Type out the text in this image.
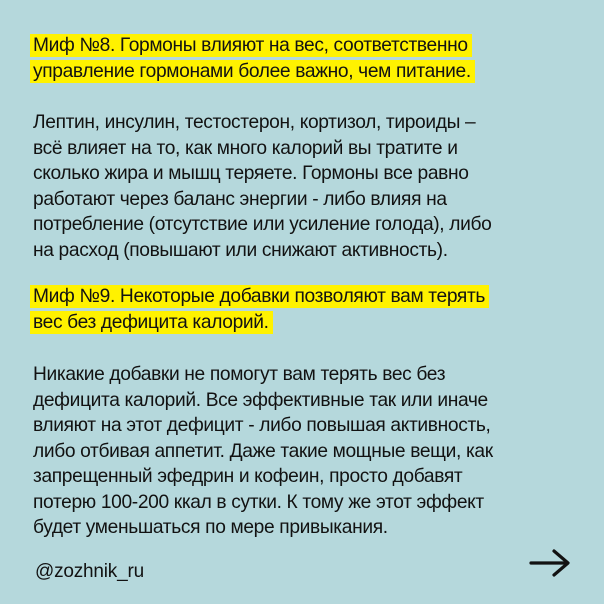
Миф №8. Гормоны влияют на вес, соответственно
управление гормонами более важно, чем питание.
Лептин, инсулин, тестостерон, кортизол, тироиды –
всё влияет на то, как много калорий вы тратите и
сколько жира и мышц теряете. Гормоны все равно
работают через баланс энергии - либо влияя на
потребление (отсутствие или усиление голода), либо
на расход (повышают или снижают активность).
Миф №9. Некоторые добавки позволяют вам терять
вес без дефицита калорий.
Никакие добавки не помогут вам терять вес без
дефицита калорий. Все эффективные так или иначе
влияют на этот дефицит - либо повышая активность,
либо отбивая аппетит. Даже такие мощные вещи, как
запрещенный эфедрин и кофеин, просто добавят
потерю 100-200 ккал в сутки. К тому же этот эффект
будет уменьшаться по мере привыкания.
@zozhnik_ru
